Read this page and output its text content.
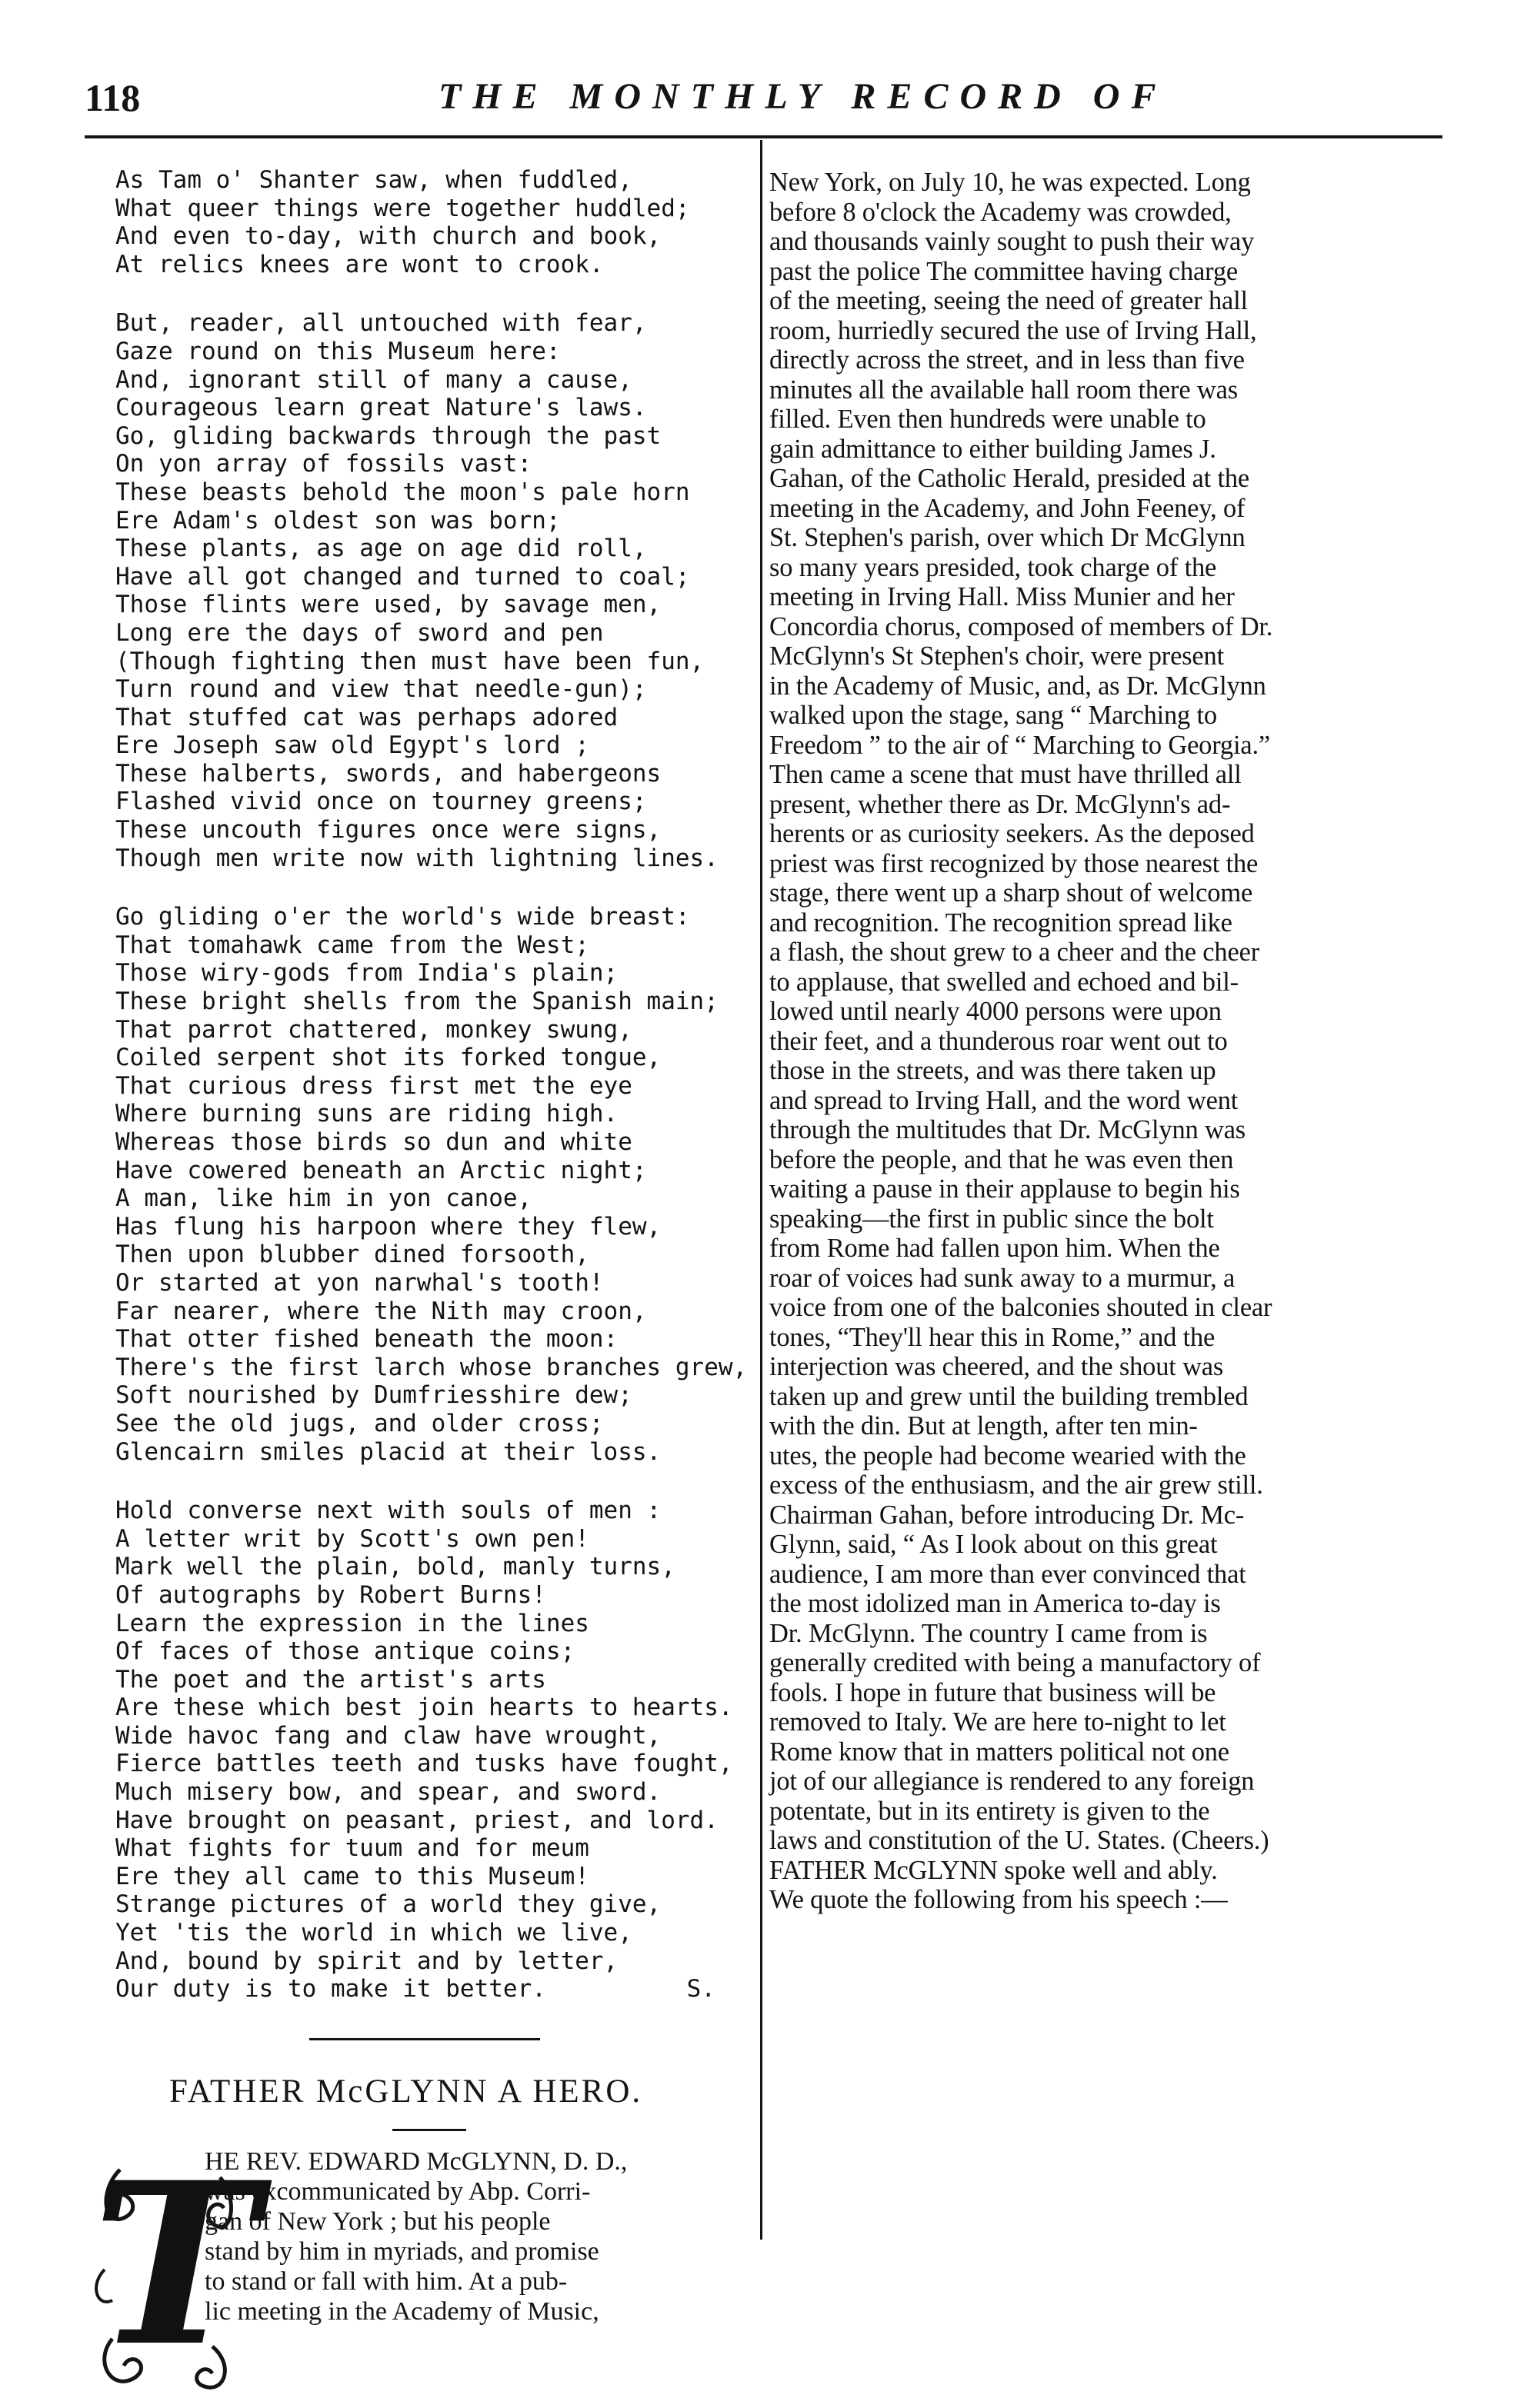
118	THE MONTHLY RECORD OF
As Tam o' Shanter saw, when fuddled,
What queer things were together huddled;
And even to-day, with church and book,
At relics knees are wont to crook.
But, reader, all untouched with fear,
Gaze round on this Museum here:
And, ignorant still of many a cause,
Courageous learn great Nature's laws.
Go, gliding backwards through the past
On yon array of fossils vast:
These beasts behold the moon's pale horn
Ere Adam's oldest son was born;
These plants, as age on age did roll,
Have all got changed and turned to coal;
Those flints were used, by savage men,
Long ere the days of sword and pen
(Though fighting then must have been fun,
Turn round and view that needle-gun);
That stuffed cat was perhaps adored
Ere Joseph saw old Egypt's lord ;
These halberts, swords, and habergeons
Flashed vivid once on tourney greens;
These uncouth figures once were signs,
Though men write now with lightning lines.
Go gliding o'er the world's wide breast:
That tomahawk came from the West;
Those wiry-gods from India's plain;
These bright shells from the Spanish main;
That parrot chattered, monkey swung,
Coiled serpent shot its forked tongue,
That curious dress first met the eye
Where burning suns are riding high.
Whereas those birds so dun and white
Have cowered beneath an Arctic night;
A man, like him in yon canoe,
Has flung his harpoon where they flew,
Then upon blubber dined forsooth,
Or started at yon narwhal's tooth!
Far nearer, where the Nith may croon,
That otter fished beneath the moon:
There's the first larch whose branches grew,
Soft nourished by Dumfriesshire dew;
See the old jugs, and older cross;
Glencairn smiles placid at their loss.
Hold converse next with souls of men :
A letter writ by Scott's own pen!
Mark well the plain, bold, manly turns,
Of autographs by Robert Burns!
Learn the expression in the lines
Of faces of those antique coins;
The poet and the artist's arts
Are these which best join hearts to hearts.
Wide havoc fang and claw have wrought,
Fierce battles teeth and tusks have fought,
Much misery bow, and spear, and sword.
Have brought on peasant, priest, and lord.
What fights for tuum and for meum
Ere they all came to this Museum!
Strange pictures of a world they give,
Yet 'tis the world in which we live,
And, bound by spirit and by letter,
Our duty is to make it better.	S.
FATHER McGLYNN A HERO.
T
HE REV. EDWARD McGLYNN, D. D.,
was excommunicated by Abp. Corri-
gan of New York ; but his people
stand by him in myriads, and promise
to stand or fall with him. At a pub-
lic meeting in the Academy of Music,
New York, on July 10, he was expected. Long
before 8 o'clock the Academy was crowded,
and thousands vainly sought to push their way
past the police The committee having charge
of the meeting, seeing the need of greater hall
room, hurriedly secured the use of Irving Hall,
directly across the street, and in less than five
minutes all the available hall room there was
filled. Even then hundreds were unable to
gain admittance to either building James J.
Gahan, of the Catholic Herald, presided at the
meeting in the Academy, and John Feeney, of
St. Stephen's parish, over which Dr McGlynn
so many years presided, took charge of the
meeting in Irving Hall. Miss Munier and her
Concordia chorus, composed of members of Dr.
McGlynn's St Stephen's choir, were present
in the Academy of Music, and, as Dr. McGlynn
walked upon the stage, sang “ Marching to
Freedom ” to the air of “ Marching to Georgia.”
Then came a scene that must have thrilled all
present, whether there as Dr. McGlynn's ad-
herents or as curiosity seekers. As the deposed
priest was first recognized by those nearest the
stage, there went up a sharp shout of welcome
and recognition. The recognition spread like
a flash, the shout grew to a cheer and the cheer
to applause, that swelled and echoed and bil-
lowed until nearly 4000 persons were upon
their feet, and a thunderous roar went out to
those in the streets, and was there taken up
and spread to Irving Hall, and the word went
through the multitudes that Dr. McGlynn was
before the people, and that he was even then
waiting a pause in their applause to begin his
speaking—the first in public since the bolt
from Rome had fallen upon him. When the
roar of voices had sunk away to a murmur, a
voice from one of the balconies shouted in clear
tones, “They'll hear this in Rome,” and the
interjection was cheered, and the shout was
taken up and grew until the building trembled
with the din. But at length, after ten min-
utes, the people had become wearied with the
excess of the enthusiasm, and the air grew still.
Chairman Gahan, before introducing Dr. Mc-
Glynn, said, “ As I look about on this great
audience, I am more than ever convinced that
the most idolized man in America to-day is
Dr. McGlynn. The country I came from is
generally credited with being a manufactory of
fools. I hope in future that business will be
removed to Italy. We are here to-night to let
Rome know that in matters political not one
jot of our allegiance is rendered to any foreign
potentate, but in its entirety is given to the
laws and constitution of the U. States. (Cheers.)
FATHER McGLYNN spoke well and ably.
We quote the following from his speech :—
